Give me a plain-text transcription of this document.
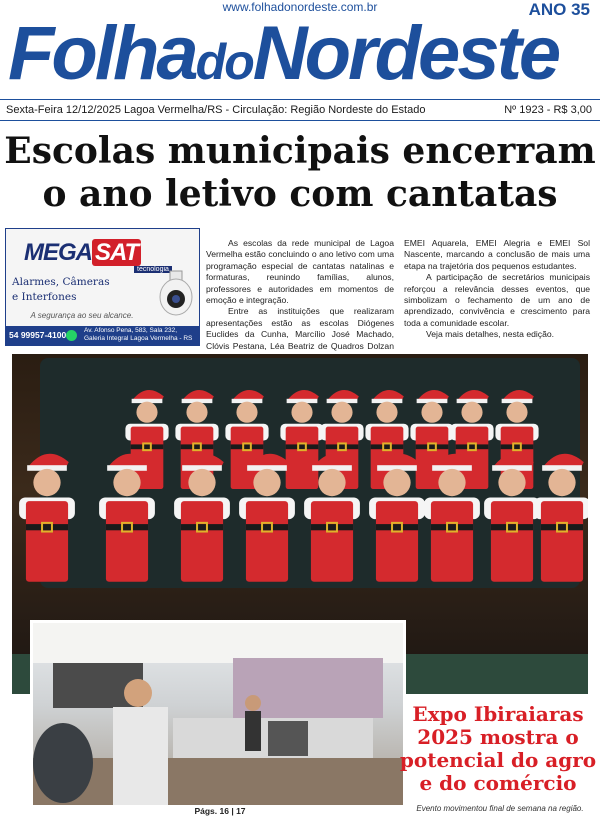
www.folhadonordeste.com.br	ANO 35
FolhadoNordeste
Sexta-Feira 12/12/2025 Lagoa Vermelha/RS - Circulação: Região Nordeste do Estado	Nº 1923 - R$ 3,00
Escolas municipais encerram
o ano letivo com cantatas
MEGA SAT
tecnologia
Alarmes, Câmeras
e Interfones
A segurança ao seu alcance.
54 99957-4100	Av. Afonso Pena, 583, Sala 232,
Galeria Integral Lagoa Vermelha - RS

As escolas da rede municipal de Lagoa Vermelha estão concluindo o ano letivo com uma programação especial de cantatas natalinas e formaturas, reunindo famílias, alunos, professores e autoridades em momentos de emoção e integração.

Entre as instituições que realizaram apresentações estão as escolas Diógenes Euclides da Cunha, Marcílio José Machado, Clóvis Pestana, Léa Beatriz de Quadros Dolzan

EMEI Aquarela, EMEI Alegria e EMEI Sol Nascente, marcando a conclusão de mais uma etapa na trajetória dos pequenos estudantes.

A participação de secretários municipais reforçou a relevância desses eventos, que simbolizam o fechamento de um ano de aprendizado, convivência e crescimento para toda a comunidade escolar.

Veja mais detalhes, nesta edição.

Expo Ibiraiaras
2025 mostra o
potencial do agro
e do comércio
Evento movimentou final de semana na região.
Págs. 16 | 17
